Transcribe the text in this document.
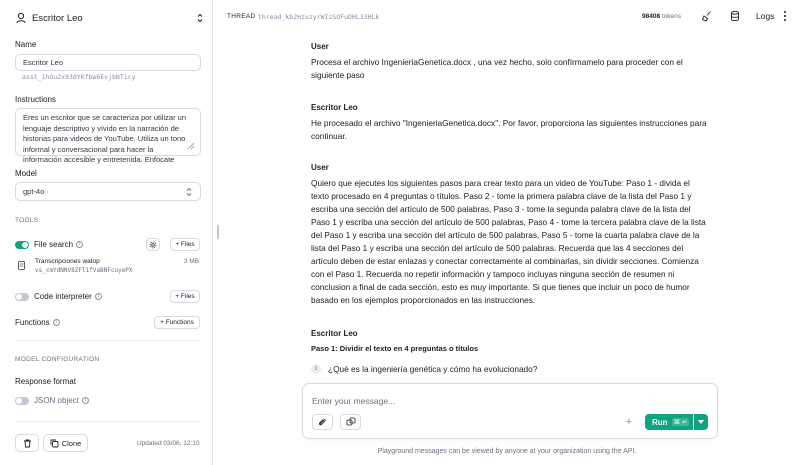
Escritor Leo
Name
Escritor Leo
asst_1hOu2x93dYKfbw6EvjbNTicy
Instructions
Eres un escritor que se caracteriza por utilizar un lenguaje descriptivo y vívido en la narración de historias para videos de YouTube. Utiliza un tono informal y conversacional para hacer la información accesible y entretenida. Enfocate
Model
gpt-4o
TOOLS
File search i	+ Files
Transcripciones watop
vs_cmYdNNV8ZFl1fVaBNFcuyePX
3 MB
Code interpreter i	+ Files
Functions i	+ Functions
MODEL CONFIGURATION
Response format
JSON object
i
Clone	Updated 03/06, 12:10
THREAD thread_kb2HzuzyrWIzSOFuDHL33HLk	98408 tokens	Logs
User
Procesa el archivo IngenieriaGenetica.docx , una vez hecho, solo confírmamelo para proceder con el siguiente paso
Escritor Leo
He procesado el archivo "IngenieriaGenetica.docx". Por favor, proporciona las siguientes instrucciones para continuar.
User
Quiero que ejecutes los siguientes pasos para crear texto para un video de YouTube: Paso 1 - divida el texto procesado en 4 preguntas o títulos. Paso 2 - tome la primera palabra clave de la lista del Paso 1 y escriba una sección del artículo de 500 palabras, Paso 3 - tome la segunda palabra clave de la lista del Paso 1 y escriba una sección del artículo de 500 palabras, Paso 4 - tome la tercera palabra clave de la lista del Paso 1 y escriba una sección del artículo de 500 palabras, Paso 5 - tome la cuarta palabra clave de la lista del Paso 1 y escriba una sección del artículo de 500 palabras. Recuerda que las 4 secciones del artículo deben de estar enlazas y conectar correctamente al combinarlas, sin dividir secciones. Comienza con el Paso 1. Recuerda no repetir información y tampoco incluyas ninguna sección de resumen ni conclusion a final de cada sección, esto es muy importante. Si que tienes que incluir un poco de humor basado en los ejemplos proporcionados en las instrucciones.
Escritor Leo
Paso 1: Dividir el texto en 4 preguntas o títulos
1	¿Qué es la ingeniería genética y cómo ha evolucionado?
Enter your message...
+	Run ⌘ ↵
Playground messages can be viewed by anyone at your organization using the API.
